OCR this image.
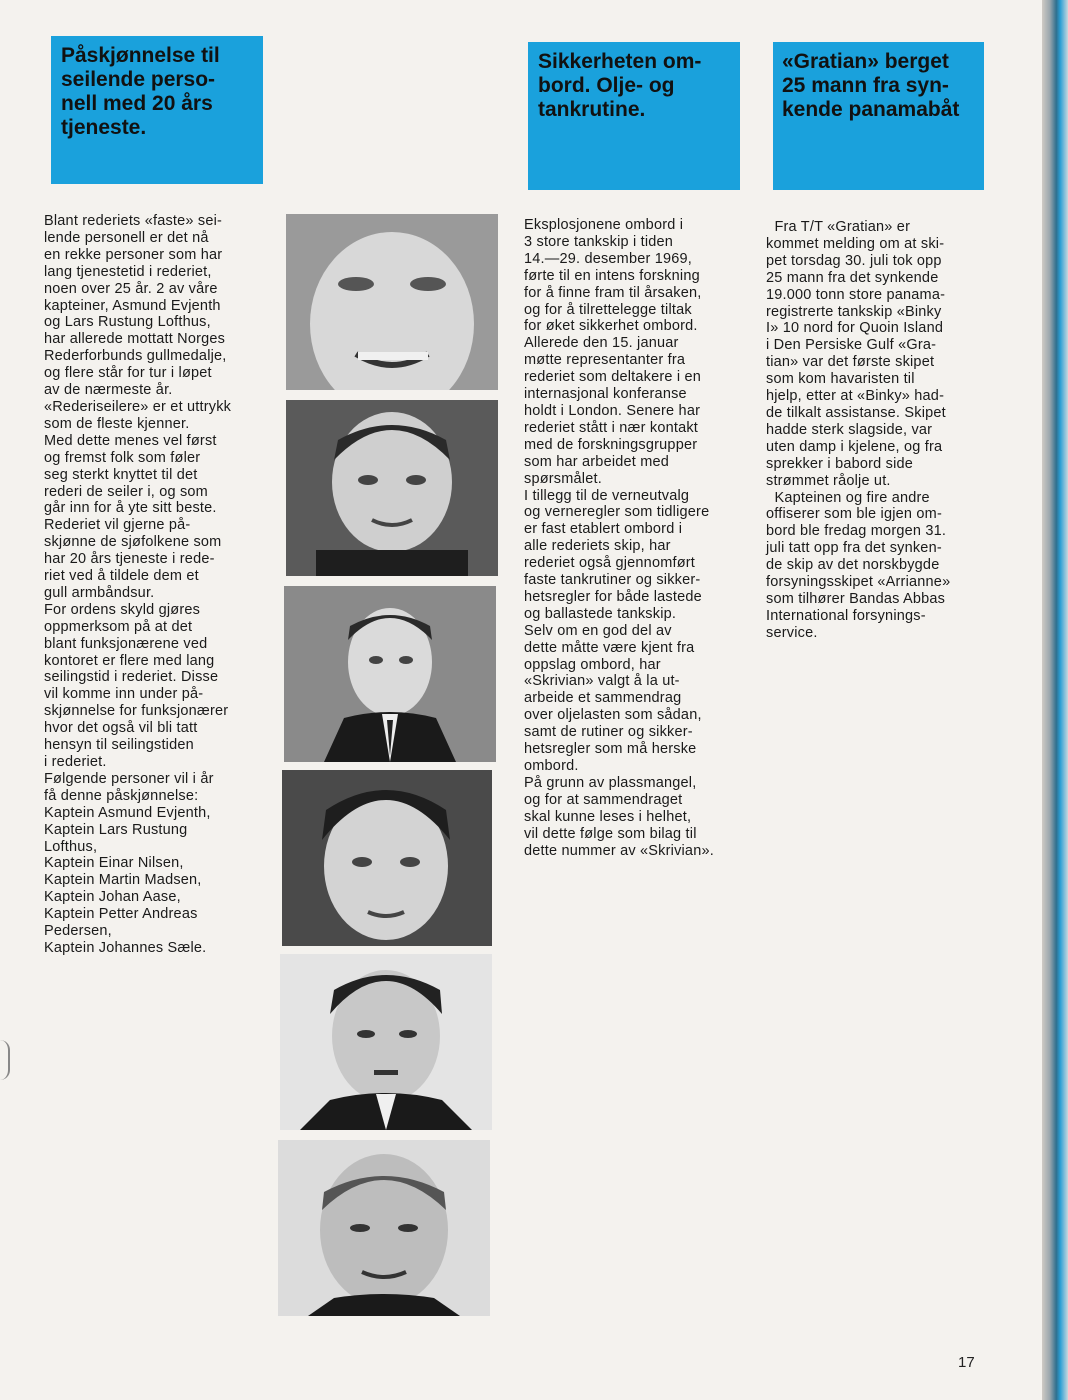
Påskjønnelse til
seilende perso-
nell med 20 års
tjeneste.
Sikkerheten om-
bord. Olje- og
tankrutine.
«Gratian» berget
25 mann fra syn-
kende panamabåt
Blant rederiets «faste» sei-
lende personell er det nå
en rekke personer som har
lang tjenestetid i rederiet,
noen over 25 år. 2 av våre
kapteiner, Asmund Evjenth
og Lars Rustung Lofthus,
har allerede mottatt Norges
Rederforbunds gullmedalje,
og flere står for tur i løpet
av de nærmeste år.
«Rederiseilere» er et uttrykk
som de fleste kjenner.
Med dette menes vel først
og fremst folk som føler
seg sterkt knyttet til det
rederi de seiler i, og som
går inn for å yte sitt beste.
Rederiet vil gjerne på-
skjønne de sjøfolkene som
har 20 års tjeneste i rede-
riet ved å tildele dem et
gull armbåndsur.
For ordens skyld gjøres
oppmerksom på at det
blant funksjonærene ved
kontoret er flere med lang
seilingstid i rederiet. Disse
vil komme inn under på-
skjønnelse for funksjonærer
hvor det også vil bli tatt
hensyn til seilingstiden
i rederiet.
Følgende personer vil i år
få denne påskjønnelse:
Kaptein Asmund Evjenth,
Kaptein Lars Rustung
Lofthus,
Kaptein Einar Nilsen,
Kaptein Martin Madsen,
Kaptein Johan Aase,
Kaptein Petter Andreas
Pedersen,
Kaptein Johannes Sæle.
Eksplosjonene ombord i
3 store tankskip i tiden
14.—29. desember 1969,
førte til en intens forskning
for å finne fram til årsaken,
og for å tilrettelegge tiltak
for øket sikkerhet ombord.
Allerede den 15. januar
møtte representanter fra
rederiet som deltakere i en
internasjonal konferanse
holdt i London. Senere har
rederiet stått i nær kontakt
med de forskningsgrupper
som har arbeidet med
spørsmålet.
I tillegg til de verneutvalg
og verneregler som tidligere
er fast etablert ombord i
alle rederiets skip, har
rederiet også gjennomført
faste tankrutiner og sikker-
hetsregler for både lastede
og ballastede tankskip.
Selv om en god del av
dette måtte være kjent fra
oppslag ombord, har
«Skrivian» valgt å la ut-
arbeide et sammendrag
over oljelasten som sådan,
samt de rutiner og sikker-
hetsregler som må herske
ombord.
På grunn av plassmangel,
og for at sammendraget
skal kunne leses i helhet,
vil dette følge som bilag til
dette nummer av «Skrivian».
Fra T/T «Gratian» er
kommet melding om at ski-
pet torsdag 30. juli tok opp
25 mann fra det synkende
19.000 tonn store panama-
registrerte tankskip «Binky
I» 10 nord for Quoin Island
i Den Persiske Gulf «Gra-
tian» var det første skipet
som kom havaristen til
hjelp, etter at «Binky» had-
de tilkalt assistanse. Skipet
hadde sterk slagside, var
uten damp i kjelene, og fra
sprekker i babord side
strømmet råolje ut.
Kapteinen og fire andre
offiserer som ble igjen om-
bord ble fredag morgen 31.
juli tatt opp fra det synken-
de skip av det norskbygde
forsyningsskipet «Arrianne»
som tilhører Bandas Abbas
International forsynings-
service.
17
